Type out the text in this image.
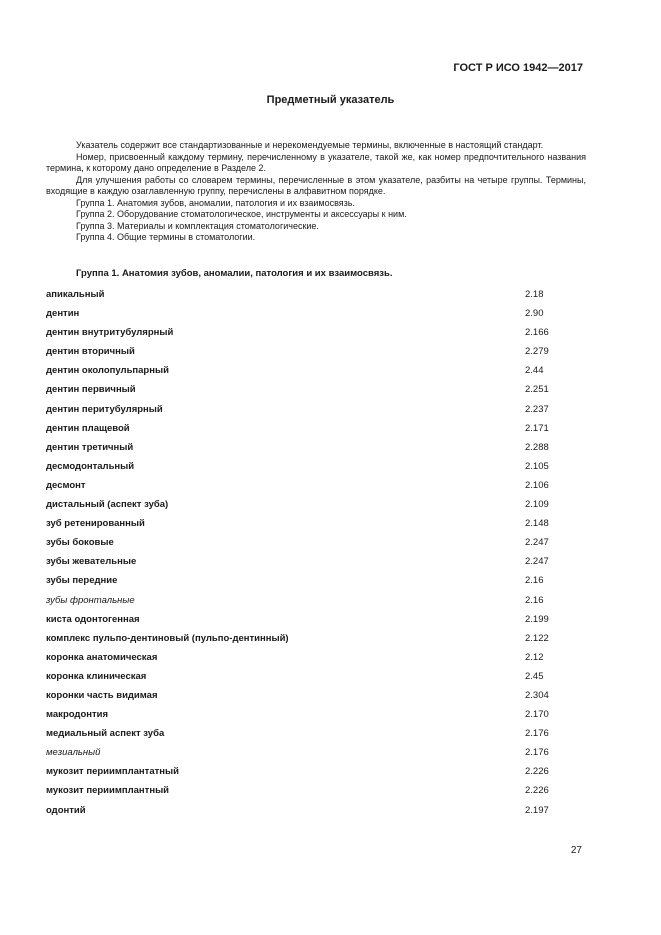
ГОСТ Р ИСО 1942—2017
Предметный указатель

Указатель содержит все стандартизованные и нерекомендуемые термины, включенные в настоящий стандарт.

Номер, присвоенный каждому термину, перечисленному в указателе, такой же, как номер предпочтительного названия термина, к которому дано определение в Разделе 2.

Для улучшения работы со словарем термины, перечисленные в этом указателе, разбиты на четыре группы. Термины, входящие в каждую озаглавленную группу, перечислены в алфавитном порядке.

Группа 1. Анатомия зубов, аномалии, патология и их взаимосвязь.

Группа 2. Оборудование стоматологическое, инструменты и аксессуары к ним.

Группа 3. Материалы и комплектация стоматологические.

Группа 4. Общие термины в стоматологии.

Группа 1. Анатомия зубов, аномалии, патология и их взаимосвязь.
апикальный	2.18
дентин	2.90
дентин внутритубулярный	2.166
дентин вторичный	2.279
дентин околопульпарный	2.44
дентин первичный	2.251
дентин перитубулярный	2.237
дентин плащевой	2.171
дентин третичный	2.288
десмодонтальный	2.105
десмонт	2.106
дистальный (аспект зуба)	2.109
зуб ретенированный	2.148
зубы боковые	2.247
зубы жевательные	2.247
зубы передние	2.16
зубы фронтальные	2.16
киста одонтогенная	2.199
комплекс пульпо-дентиновый (пульпо-дентинный)	2.122
коронка анатомическая	2.12
коронка клиническая	2.45
коронки часть видимая	2.304
макродонтия	2.170
медиальный аспект зуба	2.176
мезиальный	2.176
мукозит периимплантатный	2.226
мукозит периимплантный	2.226
одонтий	2.197
27
